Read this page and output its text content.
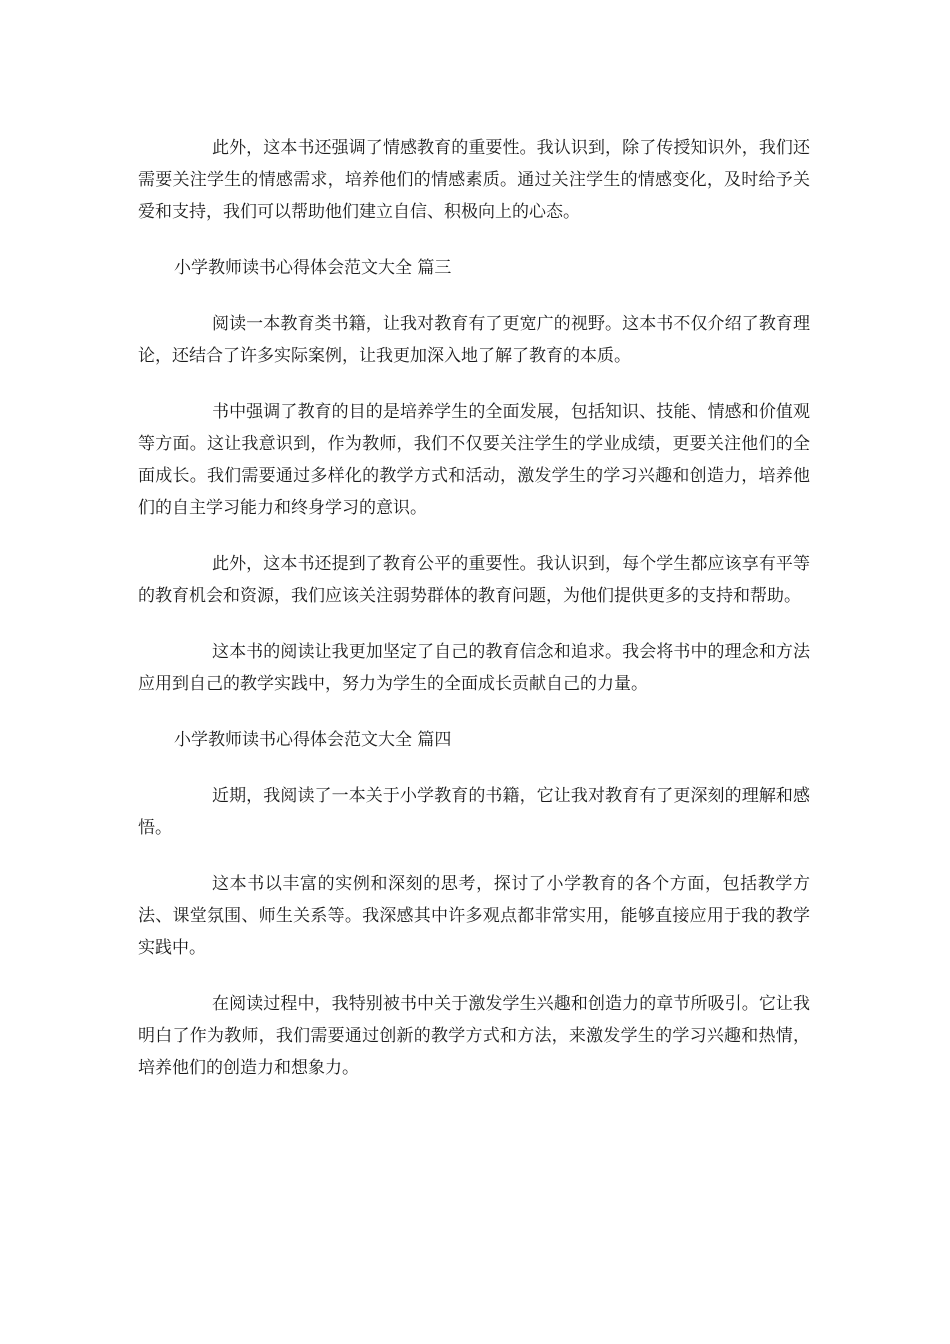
此外，这本书还强调了情感教育的重要性。我认识到，除了传授知识外，我们还需要关注学生的情感需求，培养他们的情感素质。通过关注学生的情感变化，及时给予关爱和支持，我们可以帮助他们建立自信、积极向上的心态。

小学教师读书心得体会范文大全 篇三

阅读一本教育类书籍，让我对教育有了更宽广的视野。这本书不仅介绍了教育理论，还结合了许多实际案例，让我更加深入地了解了教育的本质。

书中强调了教育的目的是培养学生的全面发展，包括知识、技能、情感和价值观等方面。这让我意识到，作为教师，我们不仅要关注学生的学业成绩，更要关注他们的全面成长。我们需要通过多样化的教学方式和活动，激发学生的学习兴趣和创造力，培养他们的自主学习能力和终身学习的意识。

此外，这本书还提到了教育公平的重要性。我认识到，每个学生都应该享有平等的教育机会和资源，我们应该关注弱势群体的教育问题，为他们提供更多的支持和帮助。

这本书的阅读让我更加坚定了自己的教育信念和追求。我会将书中的理念和方法应用到自己的教学实践中，努力为学生的全面成长贡献自己的力量。

小学教师读书心得体会范文大全 篇四

近期，我阅读了一本关于小学教育的书籍，它让我对教育有了更深刻的理解和感悟。

这本书以丰富的实例和深刻的思考，探讨了小学教育的各个方面，包括教学方法、课堂氛围、师生关系等。我深感其中许多观点都非常实用，能够直接应用于我的教学实践中。

在阅读过程中，我特别被书中关于激发学生兴趣和创造力的章节所吸引。它让我明白了作为教师，我们需要通过创新的教学方式和方法，来激发学生的学习兴趣和热情，培养他们的创造力和想象力。
